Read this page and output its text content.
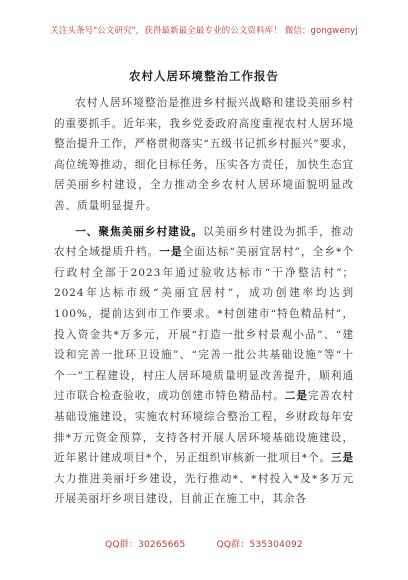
关注头条号"公文研究"，获得最新最全最专业的公文资料库！ 微信：gongwenyj
农村人居环境整治工作报告

农村人居环境整治是推进乡村振兴战略和建设美丽乡村的重要抓手。近年来，我乡党委政府高度重视农村人居环境整治提升工作，严格贯彻落实“五级书记抓乡村振兴”要求，高位统筹推动，细化目标任务，压实各方责任，加快生态宜居美丽乡村建设，全力推动全乡农村人居环境面貌明显改善、质量明显提升。

一、聚焦美丽乡村建设。以美丽乡村建设为抓手，推动农村全域提质升档。一是全面达标“美丽宜居村”，全乡*个行政村全部于2023年通过验收达标市“干净整洁村”；2024年达标市级“美丽宜居村”，成功创建率均达到100%，提前达到市工作要求。*村创建市“特色精品村”，投入资金共*万多元，开展“打造一批乡村景观小品”、“建设和完善一批环卫设施”、“完善一批公共基础设施”等“十个一”工程建设，村庄人居环境质量明显改善提升，顺利通过市联合检查验收，成功创建市特色精品村。二是完善农村基础设施建设，实施农村环境综合整治工程，乡财政每年安排*万元资金预算，支持各村开展人居环境基础设施建设，近年累计建成项目*个，另正组织审核新一批项目*个。三是大力推进美丽圩乡建设，先行推动*、*村投入*及*多万元开展美丽圩乡项目建设，目前正在施工中，其余各

QQ群：30265665	QQ群：535304092
